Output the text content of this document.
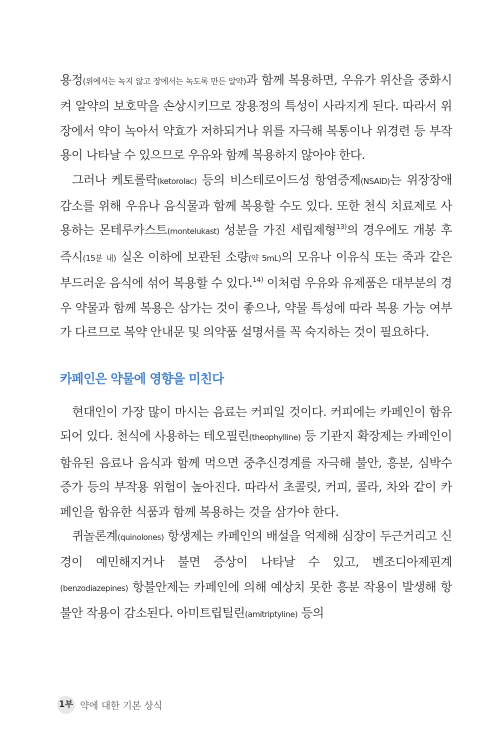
용정(위에서는 녹지 않고 장에서는 녹도록 만든 알약)과 함께 복용하면, 우유가 위산을 중화시켜 알약의 보호막을 손상시키므로 장용정의 특성이 사라지게 된다. 따라서 위장에서 약이 녹아서 약효가 저하되거나 위를 자극해 복통이나 위경련 등 부작용이 나타날 수 있으므로 우유와 함께 복용하지 않아야 한다.

그러나 케토롤락(ketorolac) 등의 비스테로이드성 항염증제(NSAID)는 위장장애 감소를 위해 우유나 음식물과 함께 복용할 수도 있다. 또한 천식 치료제로 사용하는 몬테루카스트(montelukast) 성분을 가진 세립제형$^{13)}$의 경우에도 개봉 후 즉시(15분 내) 실온 이하에 보관된 소량(약 5mL)의 모유나 이유식 또는 죽과 같은 부드러운 음식에 섞어 복용할 수 있다.$^{14)}$ 이처럼 우유와 유제품은 대부분의 경우 약물과 함께 복용은 삼가는 것이 좋으나, 약물 특성에 따라 복용 가능 여부가 다르므로 복약 안내문 및 의약품 설명서를 꼭 숙지하는 것이 필요하다.

카페인은 약물에 영향을 미친다

현대인이 가장 많이 마시는 음료는 커피일 것이다. 커피에는 카페인이 함유되어 있다. 천식에 사용하는 테오필린(theophylline) 등 기관지 확장제는 카페인이 함유된 음료나 음식과 함께 먹으면 중추신경계를 자극해 불안, 흥분, 심박수 증가 등의 부작용 위험이 높아진다. 따라서 초콜릿, 커피, 콜라, 차와 같이 카페인을 함유한 식품과 함께 복용하는 것을 삼가야 한다.

퀴놀론계(quinolones) 항생제는 카페인의 배설을 억제해 심장이 두근거리고 신경이 예민해지거나 불면 증상이 나타날 수 있고, 벤조디아제핀계(benzodiazepines) 항불안제는 카페인에 의해 예상치 못한 흥분 작용이 발생해 항불안 작용이 감소된다. 아미트립틸린(amitriptyline) 등의

1부 약에 대한 기본 상식
